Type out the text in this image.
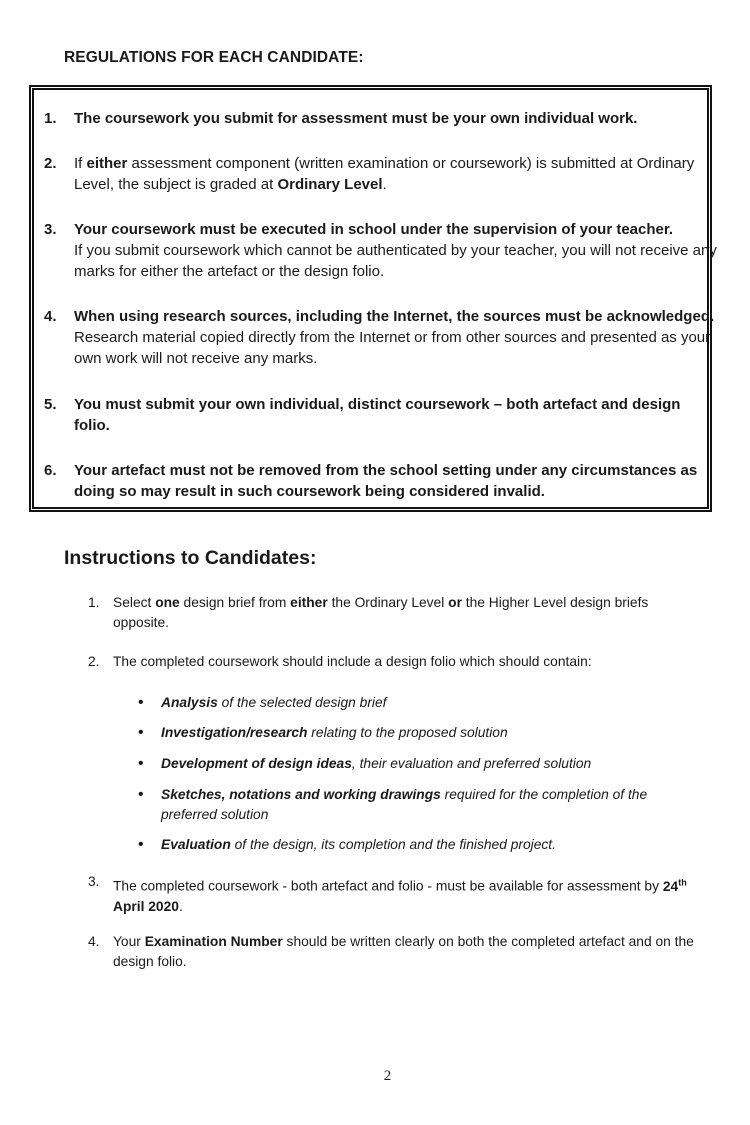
REGULATIONS FOR EACH CANDIDATE:
1.	The coursework you submit for assessment must be your own individual work.
2.	If either assessment component (written examination or coursework) is submitted at Ordinary Level, the subject is graded at Ordinary Level.
3.	Your coursework must be executed in school under the supervision of your teacher.
If you submit coursework which cannot be authenticated by your teacher, you will not receive any marks for either the artefact or the design folio.
4.	When using research sources, including the Internet, the sources must be acknowledged.
Research material copied directly from the Internet or from other sources and presented as your own work will not receive any marks.
5.	You must submit your own individual, distinct coursework – both artefact and design folio.
6.	Your artefact must not be removed from the school setting under any circumstances as doing so may result in such coursework being considered invalid.
Instructions to Candidates:
1. Select one design brief from either the Ordinary Level or the Higher Level design briefs opposite.
2. The completed coursework should include a design folio which should contain:
•	Analysis of the selected design brief
•	Investigation/research relating to the proposed solution
•	Development of design ideas, their evaluation and preferred solution
•	Sketches, notations and working drawings required for the completion of the preferred solution
•	Evaluation of the design, its completion and the finished project.
3. The completed coursework - both artefact and folio - must be available for assessment by 24th April 2020.
4. Your Examination Number should be written clearly on both the completed artefact and on the design folio.
2
